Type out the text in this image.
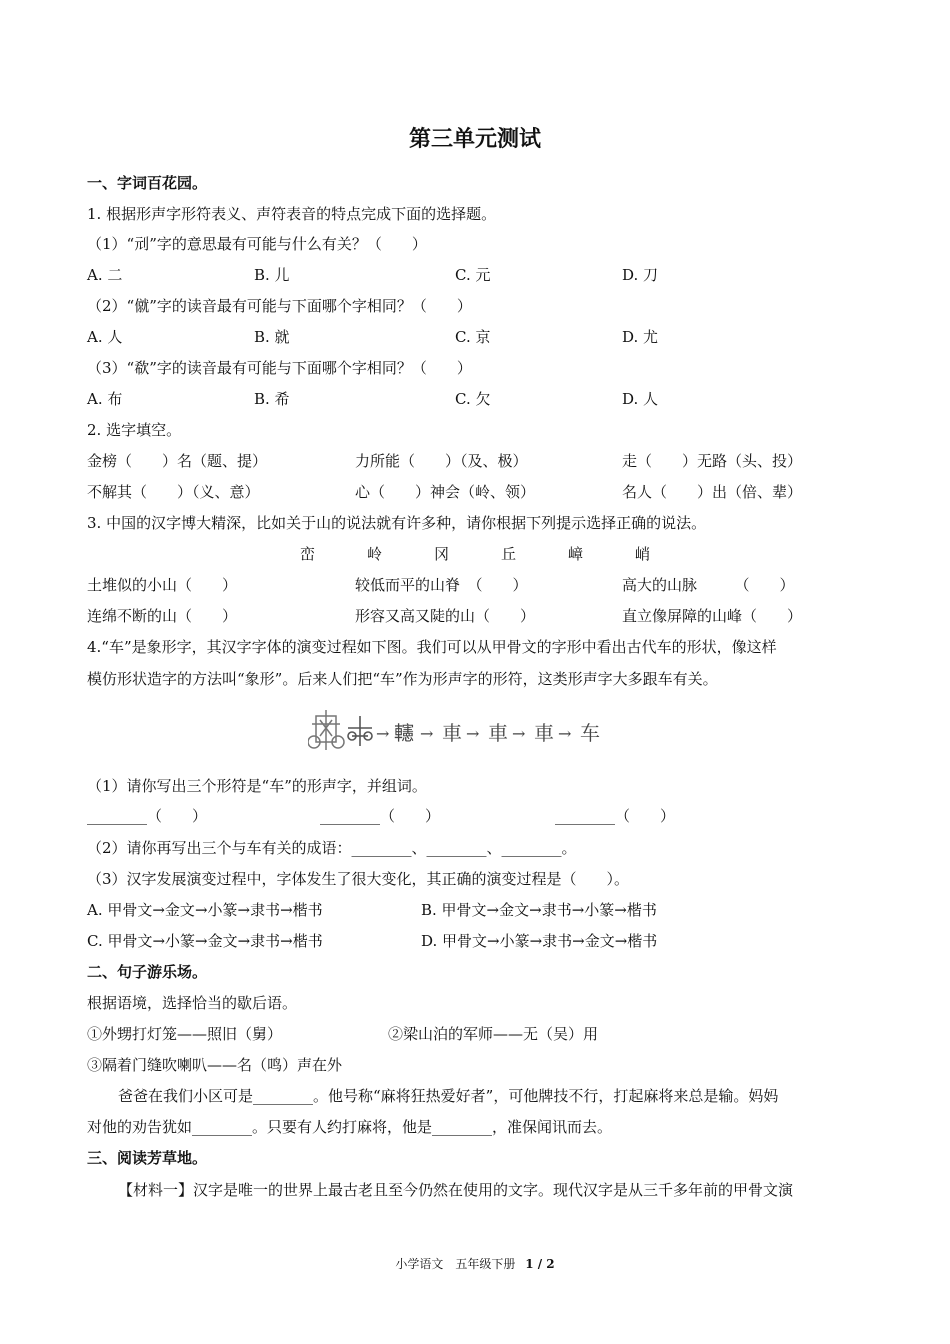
第三单元测试
一、字词百花园。
1. 根据形声字形符表义、声符表音的特点完成下面的选择题。
（1）“刓”字的意思最有可能与什么有关？（　　）
A. 二	B. 儿	C. 元	D. 刀
（2）“僦”字的读音最有可能与下面哪个字相同？（　　）
A. 人	B. 就	C. 京	D. 尤
（3）“欷”字的读音最有可能与下面哪个字相同？（　　）
A. 布	B. 希	C. 欠	D. 人
2. 选字填空。
金榜（　　）名（题、提）	力所能（　　）（及、极）	走（　　）无路（头、投）
不解其（　　）（义、意）	心（　　）神会（岭、领）	名人（　　）出（倍、辈）
3. 中国的汉字博大精深，比如关于山的说法就有许多种，请你根据下列提示选择正确的说法。
峦	岭	冈	丘	嶂	峭
土堆似的小山（　　）	较低而平的山脊　（　　）	高大的山脉　　　（　　）
连绵不断的山（　　）	形容又高又陡的山（　　）	直立像屏障的山峰（　　）
4.“车”是象形字，其汉字字体的演变过程如下图。我们可以从甲骨文的字形中看出古代车的形状，像这样
模仿形状造字的方法叫“象形”。后来人们把“车”作为形声字的形符，这类形声字大多跟车有关。
→ 𨏥 → 車 → 車 → 車 → 车
（1）请你写出三个形符是“车”的形声字，并组词。
________（　　）	________（　　）	________（　　）
（2）请你再写出三个与车有关的成语：________、________、________。
（3）汉字发展演变过程中，字体发生了很大变化，其正确的演变过程是（　　）。
A. 甲骨文→金文→小篆→隶书→楷书	B. 甲骨文→金文→隶书→小篆→楷书
C. 甲骨文→小篆→金文→隶书→楷书	D. 甲骨文→小篆→隶书→金文→楷书
二、句子游乐场。
根据语境，选择恰当的歇后语。
①外甥打灯笼——照旧（舅）	②梁山泊的军师——无（吴）用
③隔着门缝吹喇叭——名（鸣）声在外
爸爸在我们小区可是________。他号称“麻将狂热爱好者”，可他牌技不行，打起麻将来总是输。妈妈
对他的劝告犹如________。只要有人约打麻将，他是________，准保闻讯而去。
三、阅读芳草地。
【材料一】汉字是唯一的世界上最古老且至今仍然在使用的文字。现代汉字是从三千多年前的甲骨文演
小学语文　五年级下册 1 / 2
